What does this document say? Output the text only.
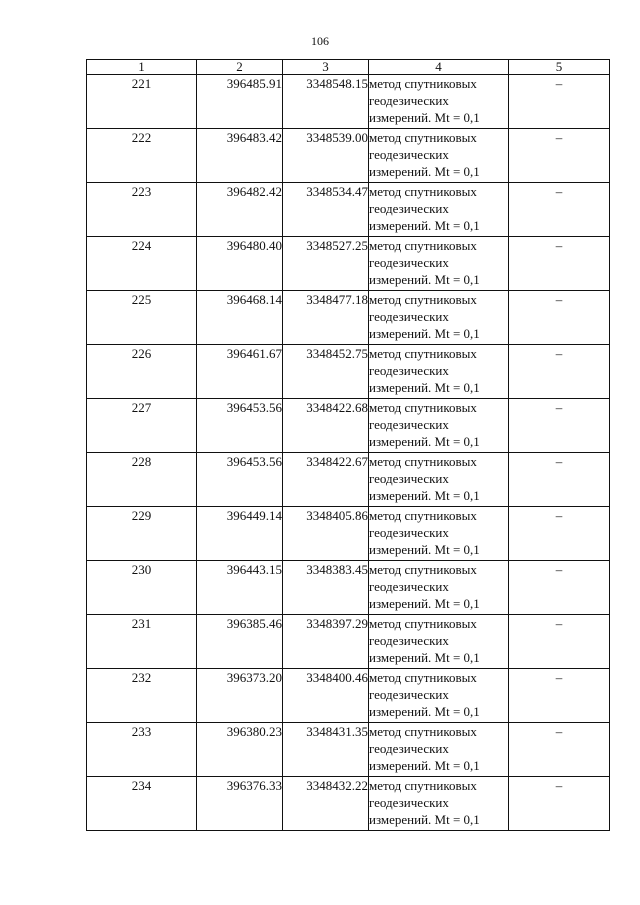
106
1	2	3	4	5
221	396485.91	3348548.15	метод спутниковых
геодезических
измерений. Mt = 0,1	–
222	396483.42	3348539.00	метод спутниковых
геодезических
измерений. Mt = 0,1	–
223	396482.42	3348534.47	метод спутниковых
геодезических
измерений. Mt = 0,1	–
224	396480.40	3348527.25	метод спутниковых
геодезических
измерений. Mt = 0,1	–
225	396468.14	3348477.18	метод спутниковых
геодезических
измерений. Mt = 0,1	–
226	396461.67	3348452.75	метод спутниковых
геодезических
измерений. Mt = 0,1	–
227	396453.56	3348422.68	метод спутниковых
геодезических
измерений. Mt = 0,1	–
228	396453.56	3348422.67	метод спутниковых
геодезических
измерений. Mt = 0,1	–
229	396449.14	3348405.86	метод спутниковых
геодезических
измерений. Mt = 0,1	–
230	396443.15	3348383.45	метод спутниковых
геодезических
измерений. Mt = 0,1	–
231	396385.46	3348397.29	метод спутниковых
геодезических
измерений. Mt = 0,1	–
232	396373.20	3348400.46	метод спутниковых
геодезических
измерений. Mt = 0,1	–
233	396380.23	3348431.35	метод спутниковых
геодезических
измерений. Mt = 0,1	–
234	396376.33	3348432.22	метод спутниковых
геодезических
измерений. Mt = 0,1	–
